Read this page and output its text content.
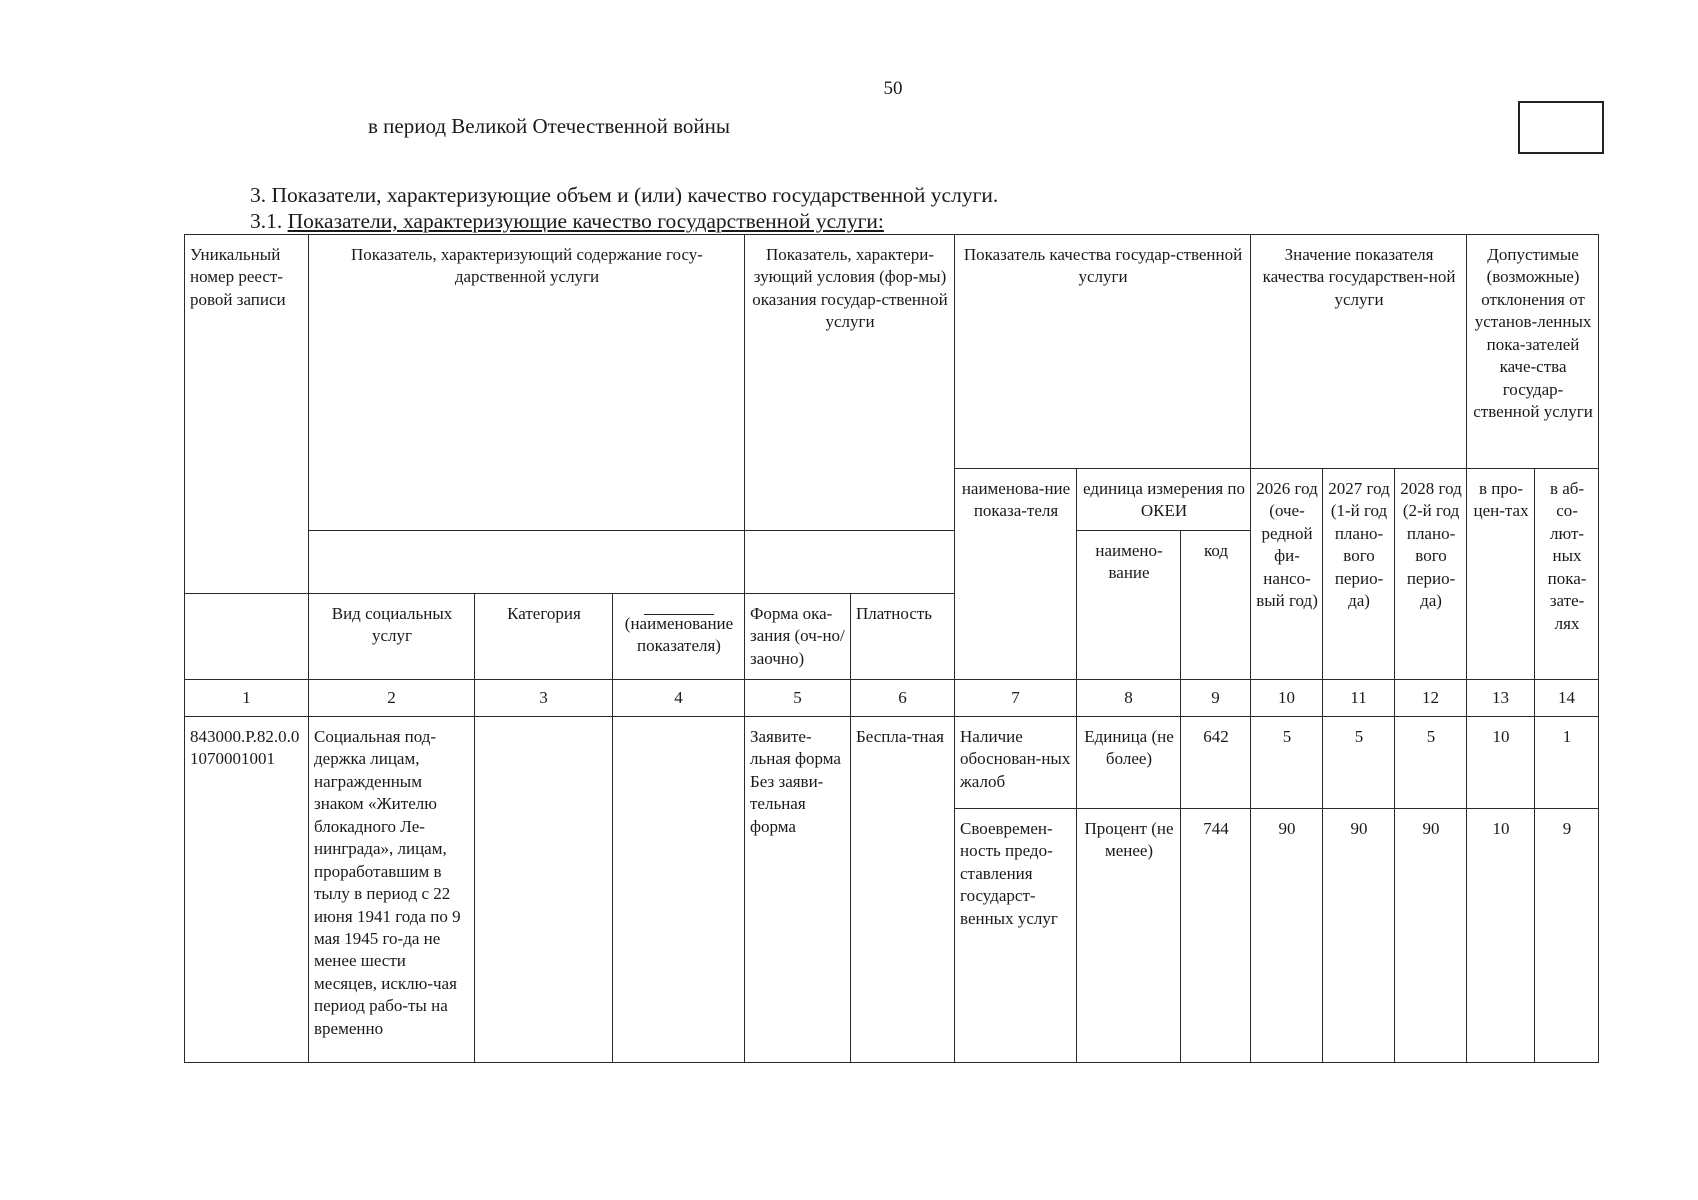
50
в период Великой Отечественной войны
3. Показатели, характеризующие объем и (или) качество государственной услуги.
3.1. Показатели, характеризующие качество государственной услуги:
Уникальный номер реест-ровой записи	Показатель, характеризующий содержание госу-дарственной услуги			Показатель, характери-зующий условия (фор-мы) оказания государ-ственной услуги		Показатель качества государ-ственной услуги			Значение показателя качества государствен-ной услуги			Допустимые (возможные) отклонения от установ-ленных пока-зателей каче-ства государ-ственной услуги	
						наименова-ние показа-теля	единица измерения по ОКЕИ		2026 год (оче-редной фи-нансо-вый год)	2027 год (1-й год плано-вого перио-да)	2028 год (2-й год плано-вого перио-да)	в про-цен-тах	в аб-со-лют-ных пока-зате-лях
							наимено-вание	код					
	Вид социальных услуг	Категория	(наименование показателя)	Форма ока-зания (оч-но/заочно)	Платность								
1	2	3	4	5	6	7	8	9	10	11	12	13	14
843000.Р.82.0.01070001001	Социальная под-держка лицам, награжденным знаком «Жителю блокадного Ле-нинграда», лицам, проработавшим в тылу в период с 22 июня 1941 года по 9 мая 1945 го-да не менее шести месяцев, исклю-чая период рабо-ты на временно			Заявите-льная форма Без заяви-тельная форма	Бесплa-тная	Наличие обоснован-ных жалоб	Единица (не более)	642	5	5	5	10	1
						Своевремен-ность предо-ставления государст-венных услуг	Процент (не менее)	744	90	90	90	10	9
